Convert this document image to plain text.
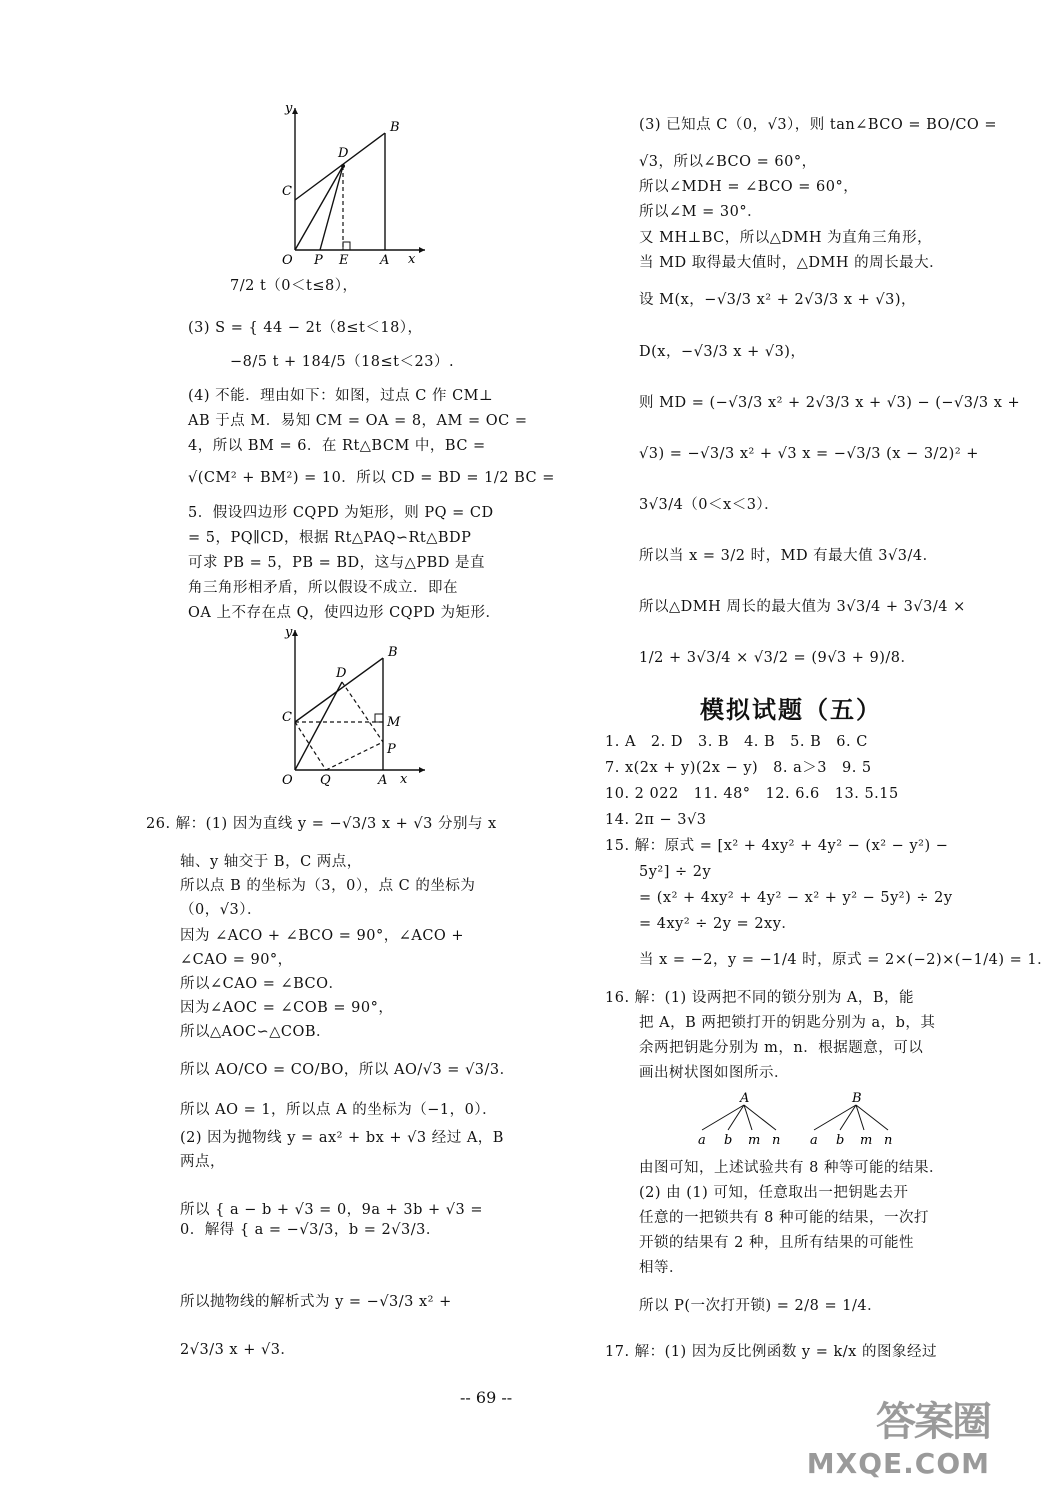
y
B
D
C
O P E A x
7/2 t（0＜t≤8），
(3) S = { 44 − 2t（8≤t＜18），
−8/5 t + 184/5（18≤t＜23）.
(4) 不能．理由如下：如图，过点 C 作 CM⊥
AB 于点 M．易知 CM = OA = 8，AM = OC =
4，所以 BM = 6．在 Rt△BCM 中，BC =
√(CM² + BM²) = 10．所以 CD = BD = 1/2 BC =
5．假设四边形 CQPD 为矩形，则 PQ = CD
= 5，PQ∥CD，根据 Rt△PAQ∽Rt△BDP
可求 PB = 5，PB = BD，这与△PBD 是直
角三角形相矛盾，所以假设不成立．即在
OA 上不存在点 Q，使四边形 CQPD 为矩形．
y
B
D
C	M
P
O Q	A x
26. 解：(1) 因为直线 y = −√3/3 x + √3 分别与 x
轴、y 轴交于 B，C 两点，
所以点 B 的坐标为（3，0），点 C 的坐标为
（0，√3）．
因为 ∠ACO + ∠BCO = 90°，∠ACO +
∠CAO = 90°，
所以∠CAO = ∠BCO．
因为∠AOC = ∠COB = 90°，
所以△AOC∽△COB．
所以 AO/CO = CO/BO，所以 AO/√3 = √3/3．
所以 AO = 1，所以点 A 的坐标为（−1，0）．
(2) 因为抛物线 y = ax² + bx + √3 经过 A，B
两点，
所以 { a − b + √3 = 0，9a + 3b + √3 = 0．解得 { a = −√3/3，b = 2√3/3．
所以抛物线的解析式为 y = −√3/3 x² +
2√3/3 x + √3．
(3) 已知点 C（0，√3），则 tan∠BCO = BO/CO =
√3，所以∠BCO = 60°，
所以∠MDH = ∠BCO = 60°，
所以∠M = 30°．
又 MH⊥BC，所以△DMH 为直角三角形，
当 MD 取得最大值时，△DMH 的周长最大．
设 M(x，−√3/3 x² + 2√3/3 x + √3)，
D(x，−√3/3 x + √3)，
则 MD = (−√3/3 x² + 2√3/3 x + √3) − (−√3/3 x +
√3) = −√3/3 x² + √3 x = −√3/3 (x − 3/2)² +
3√3/4（0＜x＜3）．
所以当 x = 3/2 时，MD 有最大值 3√3/4．
所以△DMH 周长的最大值为 3√3/4 + 3√3/4 ×
1/2 + 3√3/4 × √3/2 = (9√3 + 9)/8．
模拟试题（五）
1. A　2. D　3. B　4. B　5. B　6. C
7. x(2x + y)(2x − y)　8. a＞3　9. 5
10. 2 022　11. 48°　12. 6.6　13. 5.15
14. 2π − 3√3
15. 解：原式 = [x² + 4xy² + 4y² − (x² − y²) −
5y²] ÷ 2y
= (x² + 4xy² + 4y² − x² + y² − 5y²) ÷ 2y
= 4xy² ÷ 2y = 2xy．
当 x = −2，y = −1/4 时，原式 = 2×(−2)×(−1/4) = 1．
16. 解：(1) 设两把不同的锁分别为 A，B，能
把 A，B 两把锁打开的钥匙分别为 a，b，其
余两把钥匙分别为 m，n．根据题意，可以
画出树状图如图所示．
A
a b m n
B
a b m n
由图可知，上述试验共有 8 种等可能的结果．
(2) 由 (1) 可知，任意取出一把钥匙去开
任意的一把锁共有 8 种可能的结果，一次打
开锁的结果有 2 种，且所有结果的可能性
相等．
所以 P(一次打开锁) = 2/8 = 1/4．
17. 解：(1) 因为反比例函数 y = k/x 的图象经过
-- 69 --
答案圈
MXQE.COM
